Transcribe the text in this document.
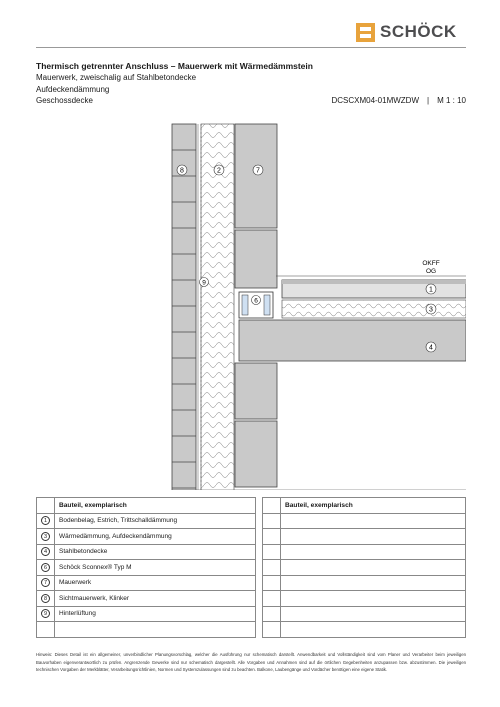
SCHÖCK
Thermisch getrennter Anschluss – Mauerwerk mit Wärmedämmstein
Mauerwerk, zweischalig auf Stahlbetondecke
Aufdeckendämmung
Geschossdecke	DCSCXM04-01MWZDW | M 1 : 10
8	2	7
6
9
OKFF
OG
1
3
4
	Bauteil, exemplarisch
1	Bodenbelag, Estrich, Trittschalldämmung
3	Wärmedämmung, Aufdeckendämmung
4	Stahlbetondecke
6	Schöck Sconnex® Typ M
7	Mauerwerk
8	Sichtmauerwerk, Klinker
9	Hinterlüftung

	Bauteil, exemplarisch

Hinweis: Dieses Detail ist ein allgemeiner, unverbindlicher Planungsvorschlag, welcher die Ausführung nur schematisch darstellt. Anwendbarkeit und Vollständigkeit sind vom Planer und Verarbeiter beim jeweiligen Bauvorhaben eigenverantwortlich zu prüfen. Angrenzende Gewerke sind nur schematisch dargestellt. Alle Vorgaben und Annahmen sind auf die örtlichen Gegebenheiten anzupassen bzw. abzustimmen. Die jeweiligen technischen Vorgaben der Merkblätter, Verarbeitungsrichtlinien, Normen und Systemzulassungen sind zu beachten. Balkone, Laubengänge und Vordächer benötigen eine eigene Statik.
